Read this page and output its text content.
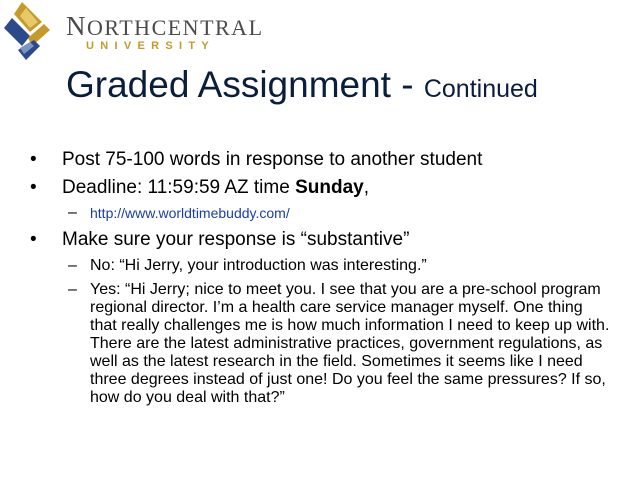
NORTHCENTRAL
UNIVERSITY
Graded Assignment - Continued
• Post 75-100 words in response to another student
• Deadline: 11:59:59 AZ time Sunday,
– http://www.worldtimebuddy.com/
• Make sure your response is “substantive”
– No: “Hi Jerry, your introduction was interesting.”
– Yes: “Hi Jerry; nice to meet you. I see that you are a pre-school program regional director. I’m a health care service manager myself. One thing that really challenges me is how much information I need to keep up with. There are the latest administrative practices, government regulations, as well as the latest research in the field. Sometimes it seems like I need three degrees instead of just one! Do you feel the same pressures? If so, how do you deal with that?”
